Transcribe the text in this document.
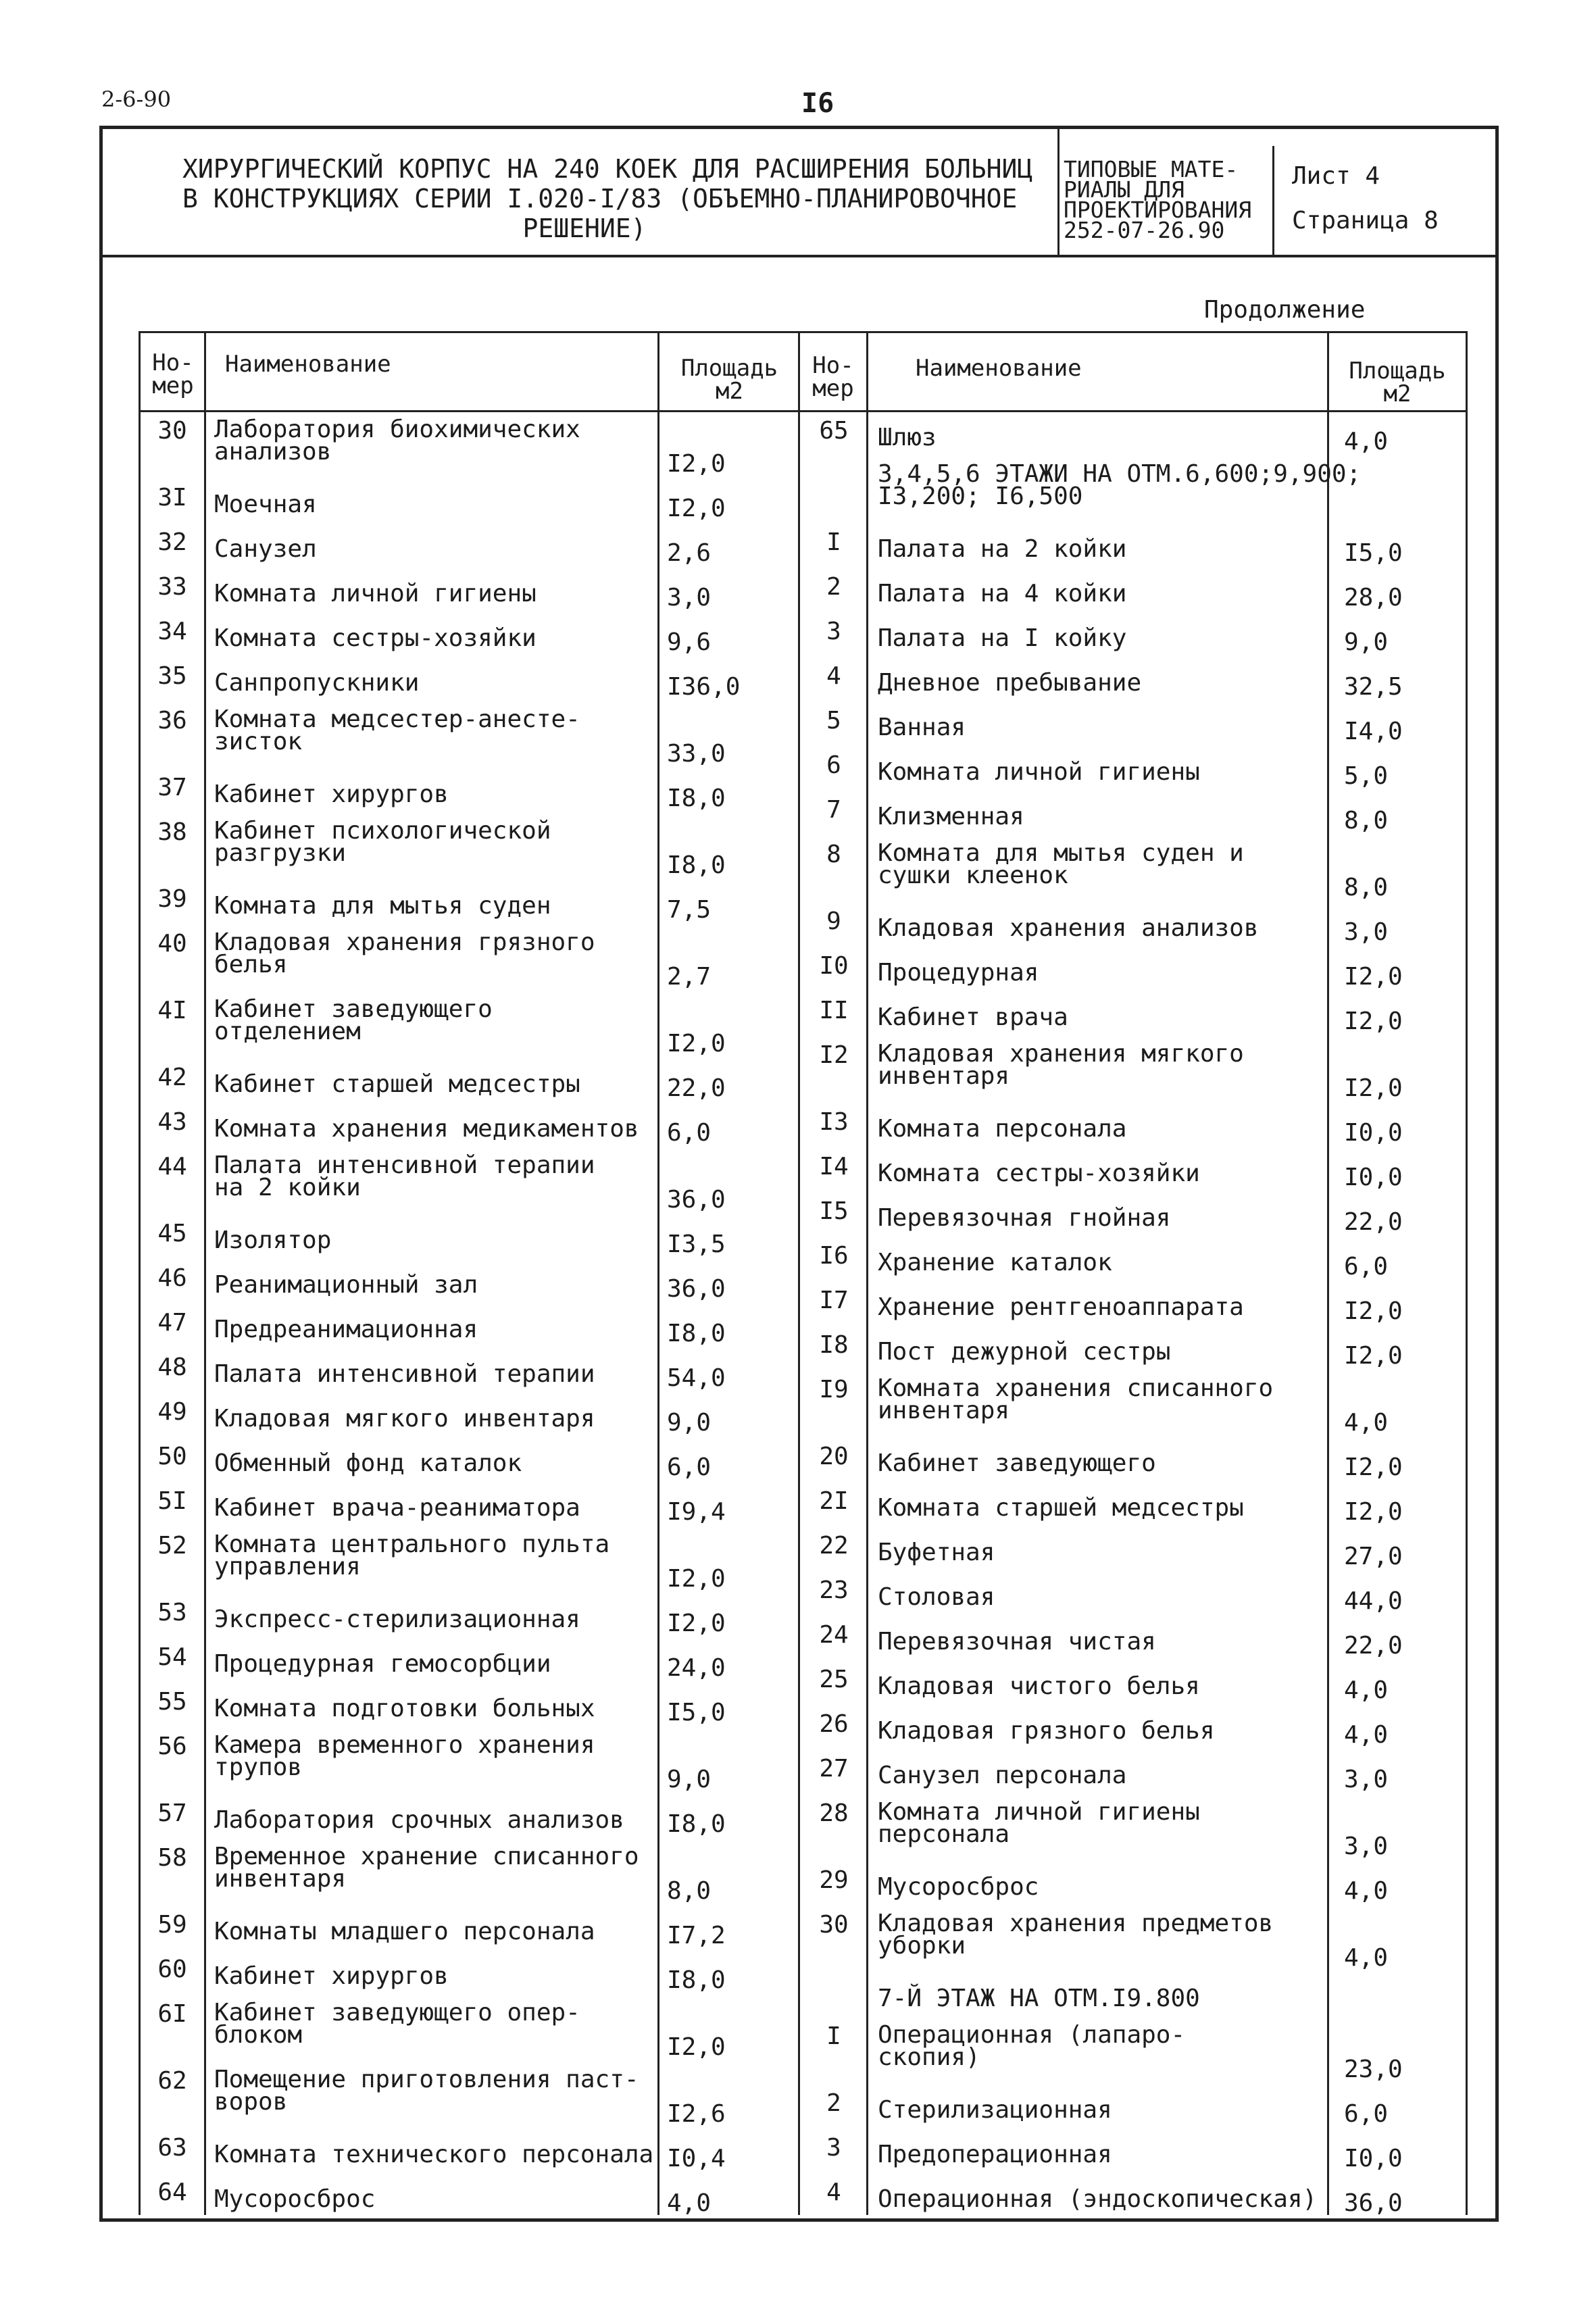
2-6-90	I6
ХИРУРГИЧЕСКИЙ КОРПУС НА 240 КОЕК ДЛЯ РАСШИРЕНИЯ БОЛЬНИЦ
В КОНСТРУКЦИЯХ СЕРИИ I.020-I/83 (ОБЪЕМНО-ПЛАНИРОВОЧНОЕ
РЕШЕНИЕ)
ТИПОВЫЕ МАТЕ-
РИАЛЫ ДЛЯ
ПРОЕКТИРОВАНИЯ
252-07-26.90
Лист 4
Страница 8
Продолжение
Но-
мер
Наименование	Площадь
м2
Но-
мер
Наименование	Площадь
м2
30	Лаборатория биохимических
анализов	I2,0
3I	Моечная	I2,0
32	Санузел	2,6
33	Комната личной гигиены	3,0
34	Комната сестры-хозяйки	9,6
35	Санпропускники	I36,0
36	Комната медсестер-анесте-
зисток	33,0
37	Кабинет хирургов	I8,0
38	Кабинет психологической
разгрузки	I8,0
39	Комната для мытья суден	7,5
40	Кладовая хранения грязного
белья	2,7
4I	Кабинет заведующего
отделением	I2,0
42	Кабинет старшей медсестры	22,0
43	Комната хранения медикаментов 6,0
44	Палата интенсивной терапии
на 2 койки	36,0
45	Изолятор	I3,5
46	Реанимационный зал	36,0
47	Предреанимационная	I8,0
48	Палата интенсивной терапии	54,0
49	Кладовая мягкого инвентаря	9,0
50	Обменный фонд каталок	6,0
5I	Кабинет врача-реаниматора	I9,4
52	Комната центрального пульта
управления	I2,0
53	Экспресс-стерилизационная	I2,0
54	Процедурная гемосорбции	24,0
55	Комната подготовки больных	I5,0
56	Камера временного хранения
трупов	9,0
57	Лаборатория срочных анализов I8,0
58	Временное хранение списанного
инвентаря	8,0
59	Комнаты младшего персонала	I7,2
60	Кабинет хирургов	I8,0
6I	Кабинет заведующего опер-
блоком	I2,0
62	Помещение приготовления паст-
воров	I2,6
63	Комната технического персонала I0,4
64	Мусоросброс	4,0
65	Шлюз	4,0
3,4,5,6 ЭТАЖИ НА ОТМ.6,600;9,900;
I3,200; I6,500
I	Палата на 2 койки	I5,0
2	Палата на 4 койки	28,0
3	Палата на I койку	9,0
4	Дневное пребывание	32,5
5	Ванная	I4,0
6	Комната личной гигиены	5,0
7	Клизменная	8,0
8	Комната для мытья суден и
сушки клеенок	8,0
9	Кладовая хранения анализов	3,0
I0	Процедурная	I2,0
II	Кабинет врача	I2,0
I2	Кладовая хранения мягкого
инвентаря	I2,0
I3	Комната персонала	I0,0
I4	Комната сестры-хозяйки	I0,0
I5	Перевязочная гнойная	22,0
I6	Хранение каталок	6,0
I7	Хранение рентгеноаппарата	I2,0
I8	Пост дежурной сестры	I2,0
I9	Комната хранения списанного
инвентаря	4,0
20	Кабинет заведующего	I2,0
2I	Комната старшей медсестры	I2,0
22	Буфетная	27,0
23	Столовая	44,0
24	Перевязочная чистая	22,0
25	Кладовая чистого белья	4,0
26	Кладовая грязного белья	4,0
27	Санузел персонала	3,0
28	Комната личной гигиены
персонала	3,0
29	Мусоросброс	4,0
30	Кладовая хранения предметов
уборки	4,0
7-Й ЭТАЖ НА ОТМ.I9.800
I	Операционная (лапаро-
скопия)	23,0
2	Стерилизационная	6,0
3	Предоперационная	I0,0
4	Операционная (эндоскопическая) 36,0
